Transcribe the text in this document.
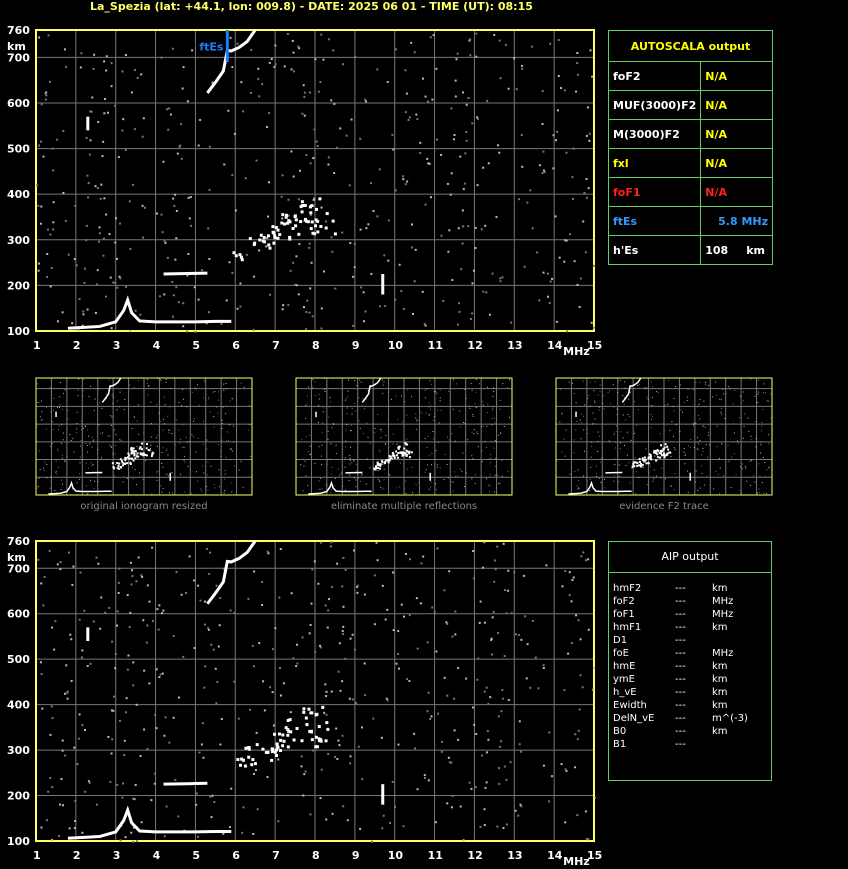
La_Spezia (lat: +44.1, lon: 009.8) - DATE: 2025 06 01 - TIME (UT): 08:15
1	2	3	4	5	6	7	8	9	10 11 12 13 14 15
100
200
300
400
500
600
700
760
MHz
km
1	2	3	4	5	6	7	8	9	10 11 12 13 14 15
100
200
300
400
500
600
700
760
MHz
km
ftEs	AUTOSCALA output	
foF2	N/A
MUF(3000)F2	N/A
M(3000)F2	N/A
fxl	N/A
foF1	N/A
ftEs	5.8 MHz
h'Es	108 km
AIP output
hmF2	---	km
foF2	---	MHz
foF1	---	MHz
hmF1	---	km
D1	---
foE	---	MHz
hmE	---	km
ymE	---	km
h_vE	---	km
Ewidth	---	km
DelN_vE ---	m^(-3)
B0	---	km
B1	---
original ionogram resized	eliminate multiple reflections	evidence F2 trace
